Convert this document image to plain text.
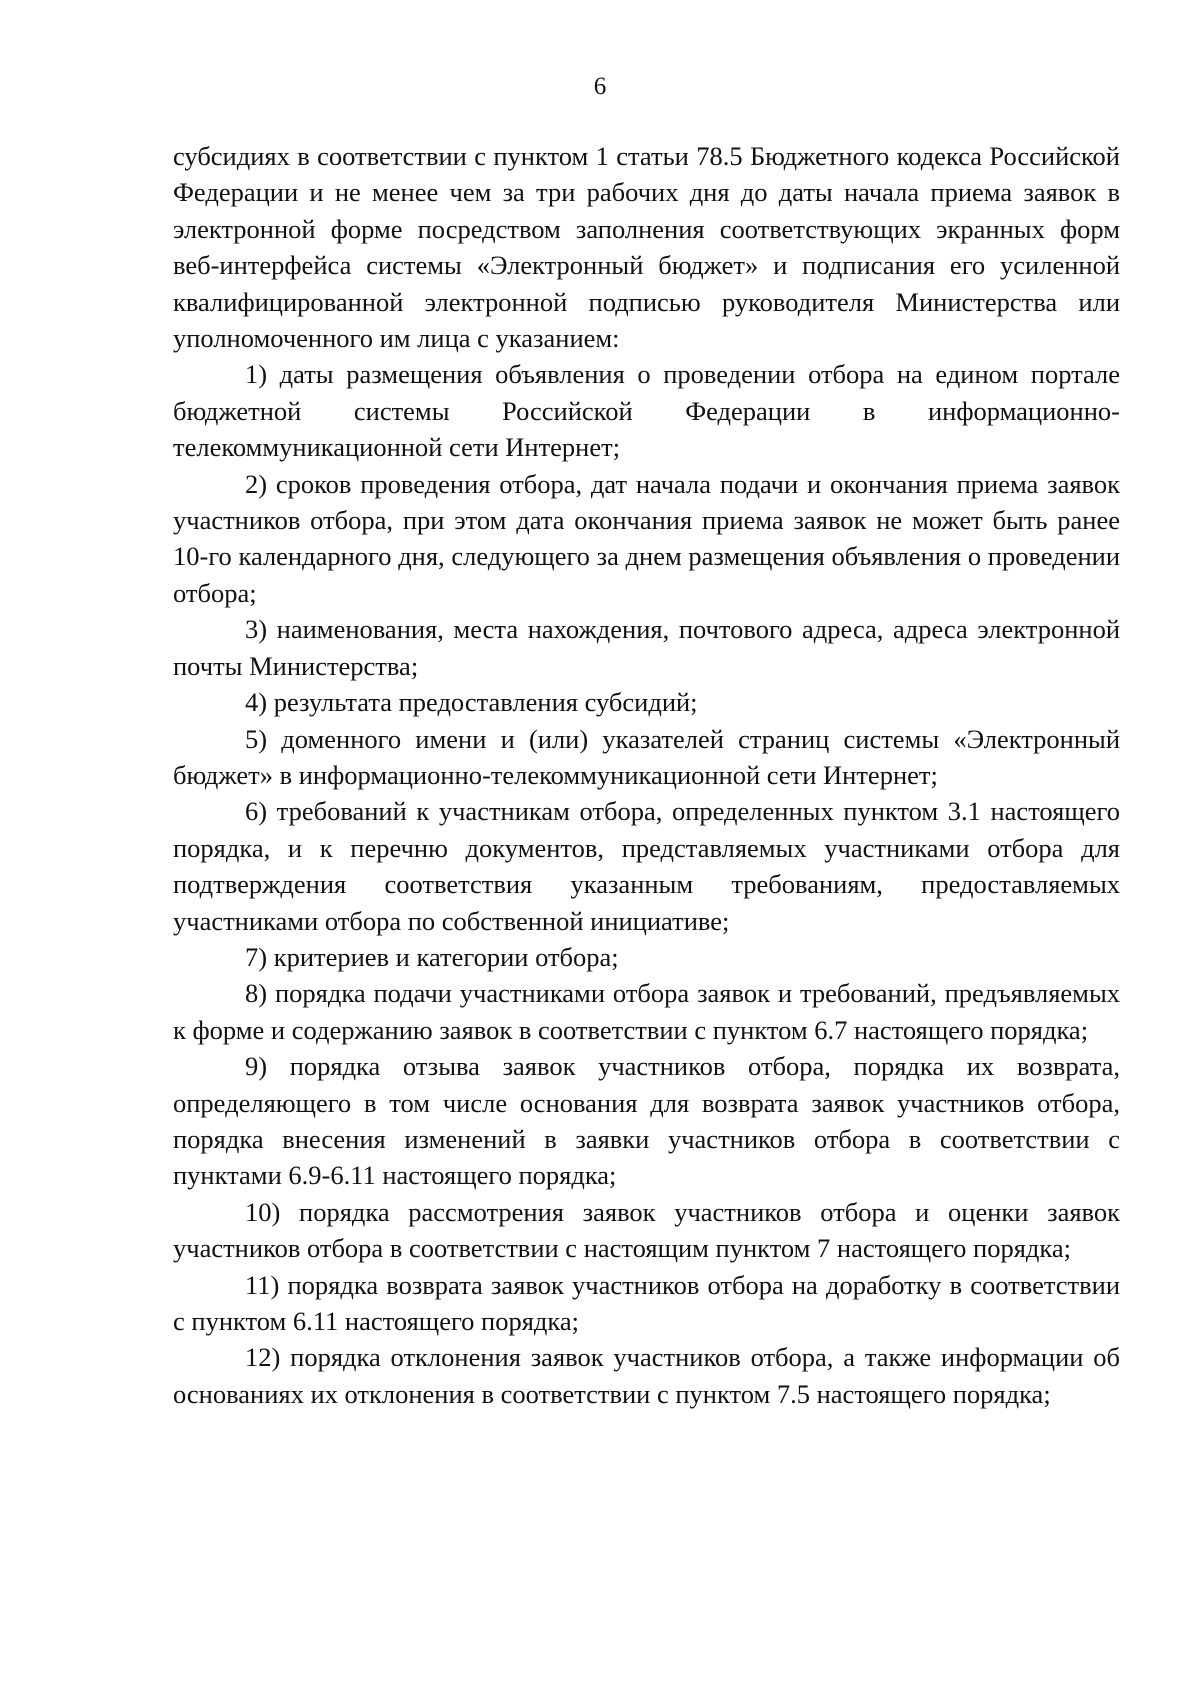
6

субсидиях в соответствии с пунктом 1 статьи 78.5 Бюджетного кодекса Российской Федерации и не менее чем за три рабочих дня до даты начала приема заявок в электронной форме посредством заполнения соответствующих экранных форм веб-интерфейса системы «Электронный бюджет» и подписания его усиленной квалифицированной электронной подписью руководителя Министерства или уполномоченного им лица с указанием:

1) даты размещения объявления о проведении отбора на едином портале бюджетной системы Российской Федерации в информационно-телекоммуникационной сети Интернет;

2) сроков проведения отбора, дат начала подачи и окончания приема заявок участников отбора, при этом дата окончания приема заявок не может быть ранее 10-го календарного дня, следующего за днем размещения объявления о проведении отбора;

3) наименования, места нахождения, почтового адреса, адреса электронной почты Министерства;

4) результата предоставления субсидий;

5) доменного имени и (или) указателей страниц системы «Электронный бюджет» в информационно-телекоммуникационной сети Интернет;

6) требований к участникам отбора, определенных пунктом 3.1 настоящего порядка, и к перечню документов, представляемых участниками отбора для подтверждения соответствия указанным требованиям, предоставляемых участниками отбора по собственной инициативе;

7) критериев и категории отбора;

8) порядка подачи участниками отбора заявок и требований, предъявляемых к форме и содержанию заявок в соответствии с пунктом 6.7 настоящего порядка;

9) порядка отзыва заявок участников отбора, порядка их возврата, определяющего в том числе основания для возврата заявок участников отбора, порядка внесения изменений в заявки участников отбора в соответствии с пунктами 6.9-6.11 настоящего порядка;

10) порядка рассмотрения заявок участников отбора и оценки заявок участников отбора в соответствии с настоящим пунктом 7 настоящего порядка;

11) порядка возврата заявок участников отбора на доработку в соответствии с пунктом 6.11 настоящего порядка;

12) порядка отклонения заявок участников отбора, а также информации об основаниях их отклонения в соответствии с пунктом 7.5 настоящего порядка;
